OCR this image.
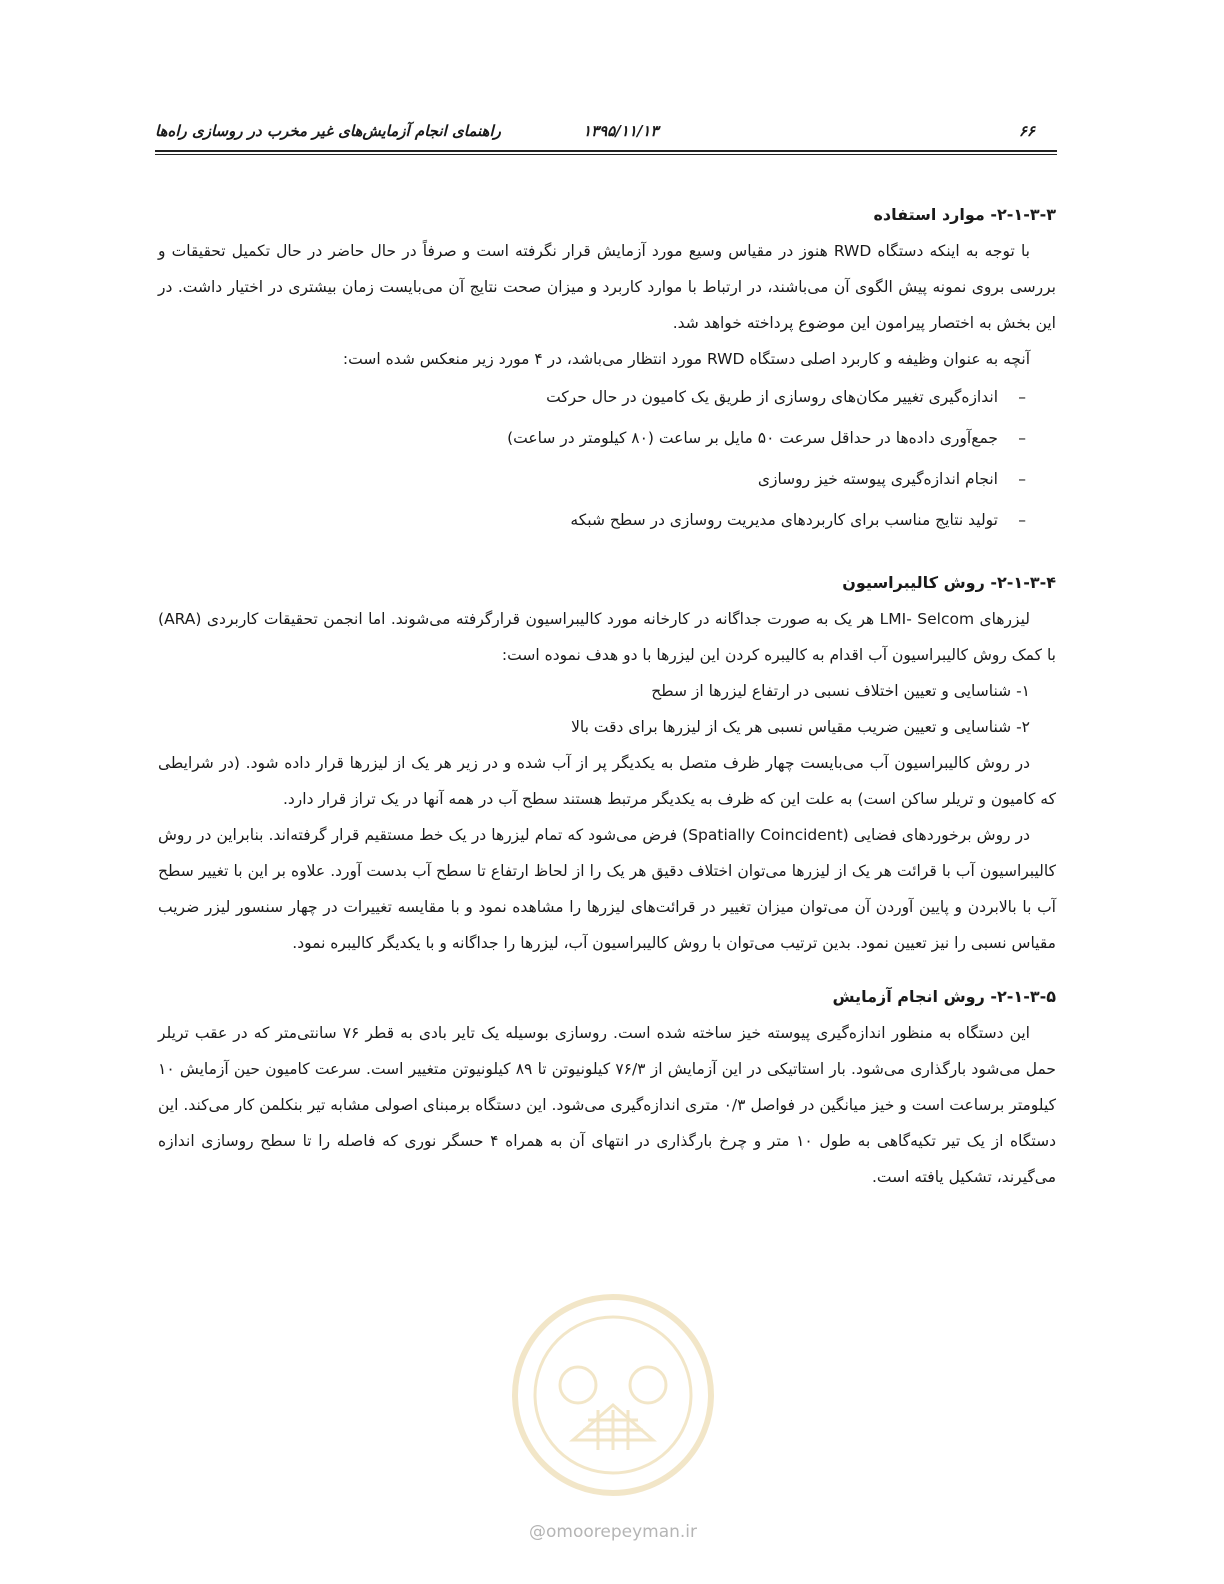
۶۶
۱۳۹۵/۱۱/۱۳
راهنمای انجام آزمایش‌های غیر مخرب در روسازی راه‌ها
۲-۱-۳-۳- موارد استفاده

با توجه به اینکه دستگاه RWD هنوز در مقیاس وسیع مورد آزمایش قرار نگرفته است و صرفاً در حال حاضر در حال تکمیل تحقیقات و بررسی بروی نمونه پیش الگوی آن می‌باشند، در ارتباط با موارد کاربرد و میزان صحت نتایج آن می‌بایست زمان بیشتری در اختیار داشت. در این بخش به اختصار پیرامون این موضوع پرداخته خواهد شد.

آنچه به عنوان وظیفه و کاربرد اصلی دستگاه RWD مورد انتظار می‌باشد، در ۴ مورد زیر منعکس شده است:

–اندازه‌گیری تغییر مکان‌های روسازی از طریق یک کامیون در حال حرکت
–جمع‌آوری داده‌ها در حداقل سرعت ۵۰ مایل بر ساعت (۸۰ کیلومتر در ساعت)
–انجام اندازه‌گیری پیوسته خیز روسازی
–تولید نتایج مناسب برای کاربردهای مدیریت روسازی در سطح شبکه
۲-۱-۳-۴- روش کالیبراسیون

لیزرهای LMI- Selcom هر یک به صورت جداگانه در کارخانه مورد کالیبراسیون قرارگرفته می‌شوند. اما انجمن تحقیقات کاربردی (ARA) با کمک روش کالیبراسیون آب اقدام به کالیبره کردن این لیزرها با دو هدف نموده است:

۱- شناسایی و تعیین اختلاف نسبی در ارتفاع لیزرها از سطح
۲- شناسایی و تعیین ضریب مقیاس نسبی هر یک از لیزرها برای دقت بالا

در روش کالیبراسیون آب می‌بایست چهار ظرف متصل به یکدیگر پر از آب شده و در زیر هر یک از لیزرها قرار داده شود. (در شرایطی که کامیون و تریلر ساکن است) به علت این که ظرف به یکدیگر مرتبط هستند سطح آب در همه آنها در یک تراز قرار دارد.

در روش برخوردهای فضایی (Spatially Coincident) فرض می‌شود که تمام لیزرها در یک خط مستقیم قرار گرفته‌اند. بنابراین در روش کالیبراسیون آب با قرائت هر یک از لیزرها می‌توان اختلاف دقیق هر یک را از لحاظ ارتفاع تا سطح آب بدست آورد. علاوه بر این با تغییر سطح آب با بالابردن و پایین آوردن آن می‌توان میزان تغییر در قرائت‌های لیزرها را مشاهده نمود و با مقایسه تغییرات در چهار سنسور لیزر ضریب مقیاس نسبی را نیز تعیین نمود. بدین ترتیب می‌توان با روش کالیبراسیون آب، لیزرها را جداگانه و با یکدیگر کالیبره نمود.

۲-۱-۳-۵- روش انجام آزمایش

این دستگاه به منظور اندازه‌گیری پیوسته خیز ساخته شده است. روسازی بوسیله یک تایر بادی به قطر ۷۶ سانتی‌متر که در عقب تریلر حمل می‌شود بارگذاری می‌شود. بار استاتیکی در این آزمایش از ۷۶/۳ کیلونیوتن تا ۸۹ کیلونیوتن متغییر است. سرعت کامیون حین آزمایش ۱۰ کیلومتر برساعت است و خیز میانگین در فواصل ۰/۳ متری اندازه‌گیری می‌شود. این دستگاه برمبنای اصولی مشابه تیر بنکلمن کار می‌کند. این دستگاه از یک تیر تکیه‌گاهی به طول ۱۰ متر و چرخ بارگذاری در انتهای آن به همراه ۴ حسگر نوری که فاصله را تا سطح روسازی اندازه می‌گیرند، تشکیل یافته است.

@omoorepeyman.ir
